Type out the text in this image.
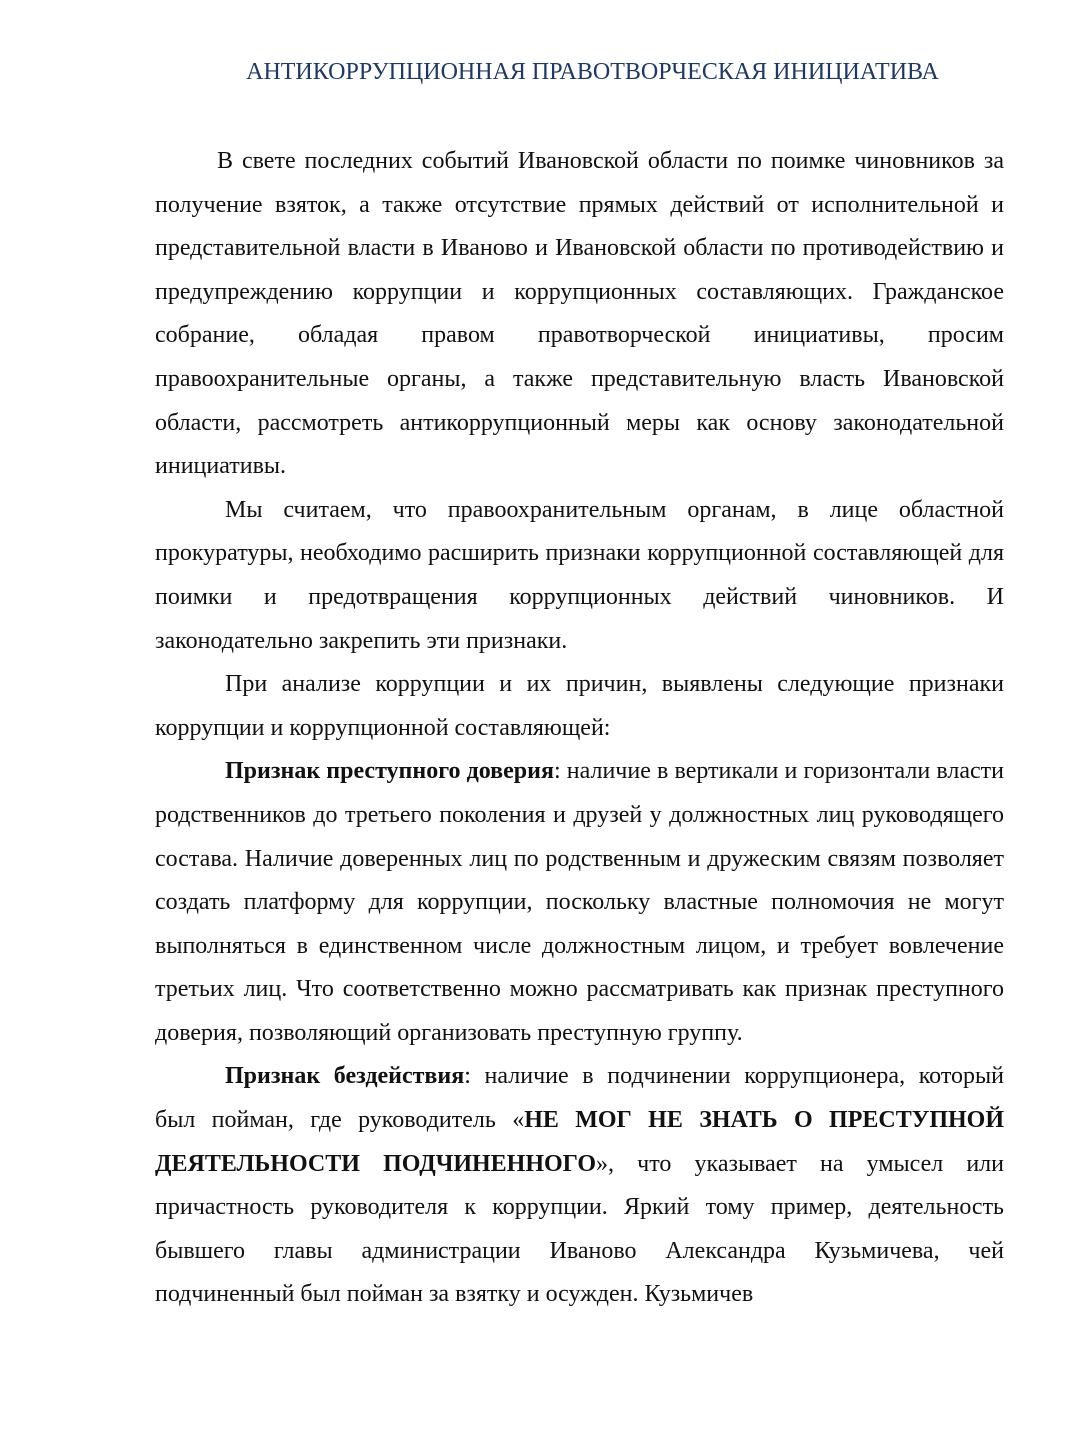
АНТИКОРРУПЦИОННАЯ ПРАВОТВОРЧЕСКАЯ ИНИЦИАТИВА

В свете последних событий Ивановской области по поимке чиновников за получение взяток, а также отсутствие прямых действий от исполнительной и представительной власти в Иваново и Ивановской области по противодействию и предупреждению коррупции и коррупционных составляющих. Гражданское собрание, обладая правом правотворческой инициативы, просим правоохранительные органы, а также представительную власть Ивановской области, рассмотреть антикоррупционный меры как основу законодательной инициативы.

Мы считаем, что правоохранительным органам, в лице областной прокуратуры, необходимо расширить признаки коррупционной составляющей для поимки и предотвращения коррупционных действий чиновников. И законодательно закрепить эти признаки.

При анализе коррупции и их причин, выявлены следующие признаки коррупции и коррупционной составляющей:

Признак преступного доверия: наличие в вертикали и горизонтали власти родственников до третьего поколения и друзей у должностных лиц руководящего состава. Наличие доверенных лиц по родственным и дружеским связям позволяет создать платформу для коррупции, поскольку властные полномочия не могут выполняться в единственном числе должностным лицом, и требует вовлечение третьих лиц. Что соответственно можно рассматривать как признак преступного доверия, позволяющий организовать преступную группу.

Признак бездействия: наличие в подчинении коррупционера, который был пойман, где руководитель «НЕ МОГ НЕ ЗНАТЬ О ПРЕСТУПНОЙ ДЕЯТЕЛЬНОСТИ ПОДЧИНЕННОГО», что указывает на умысел или причастность руководителя к коррупции. Яркий тому пример, деятельность бывшего главы администрации Иваново Александра Кузьмичева, чей подчиненный был пойман за взятку и осужден. Кузьмичев
